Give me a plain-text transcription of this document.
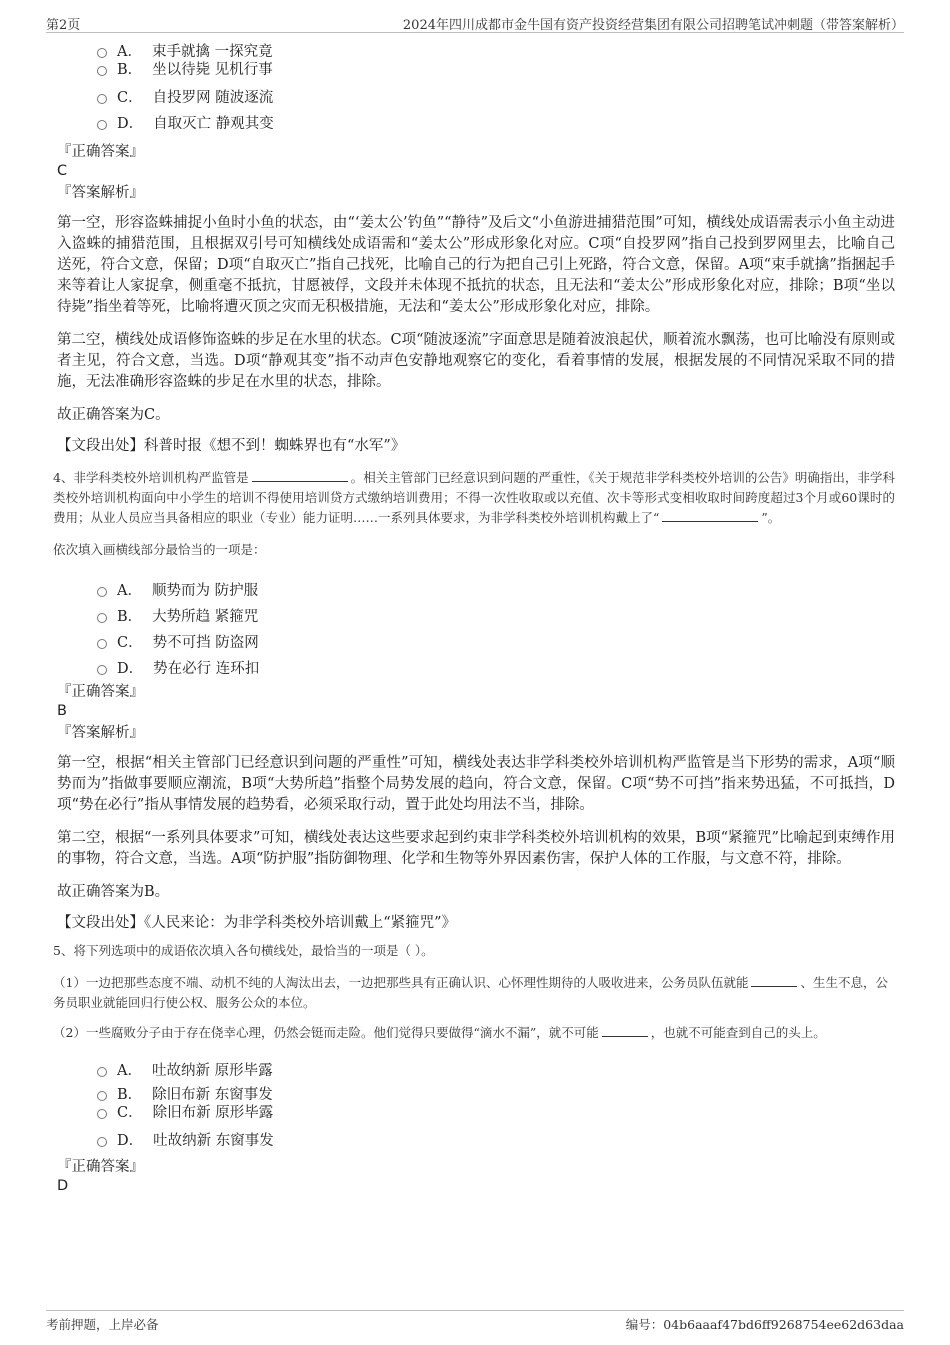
第2页	2024年四川成都市金牛国有资产投资经营集团有限公司招聘笔试冲刺题（带答案解析）
A． 束手就擒 一探究竟
B． 坐以待毙 见机行事
C． 自投罗网 随波逐流
D． 自取灭亡 静观其变

『正确答案』

C

『答案解析』

第一空，形容盗蛛捕捉小鱼时小鱼的状态，由“‘姜太公’钓鱼”“静待”及后文“小鱼游进捕猎范围”可知，横线处成语需表示小鱼主动进入盗蛛的捕猎范围，且根据双引号可知横线处成语需和“姜太公”形成形象化对应。C项“自投罗网”指自己投到罗网里去，比喻自己送死，符合文意，保留；D项“自取灭亡”指自己找死，比喻自己的行为把自己引上死路，符合文意，保留。A项“束手就擒”指捆起手来等着让人家捉拿，侧重毫不抵抗，甘愿被俘，文段并未体现不抵抗的状态，且无法和“姜太公”形成形象化对应，排除；B项“坐以待毙”指坐着等死，比喻将遭灭顶之灾而无积极措施，无法和“姜太公”形成形象化对应，排除。

第二空，横线处成语修饰盗蛛的步足在水里的状态。C项“随波逐流”字面意思是随着波浪起伏，顺着流水飘荡，也可比喻没有原则或者主见，符合文意，当选。D项“静观其变”指不动声色安静地观察它的变化，看着事情的发展，根据发展的不同情况采取不同的措施，无法准确形容盗蛛的步足在水里的状态，排除。

故正确答案为C。

【文段出处】科普时报《想不到！蜘蛛界也有“水军”》

4、非学科类校外培训机构严监管是	。相关主管部门已经意识到问题的严重性，《关于规范非学科类校外培训的公告》明确指出，非学科类校外培训机构面向中小学生的培训不得使用培训贷方式缴纳培训费用；不得一次性收取或以充值、次卡等形式变相收取时间跨度超过3个月或60课时的费用；从业人员应当具备相应的职业（专业）能力证明……一系列具体要求，为非学科类校外培训机构戴上了“	”。

依次填入画横线部分最恰当的一项是：

A． 顺势而为 防护服
B． 大势所趋 紧箍咒
C． 势不可挡 防盗网
D． 势在必行 连环扣

『正确答案』

B

『答案解析』

第一空，根据“相关主管部门已经意识到问题的严重性”可知，横线处表达非学科类校外培训机构严监管是当下形势的需求，A项“顺势而为”指做事要顺应潮流，B项“大势所趋”指整个局势发展的趋向，符合文意，保留。C项“势不可挡”指来势迅猛，不可抵挡，D项“势在必行”指从事情发展的趋势看，必须采取行动，置于此处均用法不当，排除。

第二空，根据“一系列具体要求”可知，横线处表达这些要求起到约束非学科类校外培训机构的效果，B项“紧箍咒”比喻起到束缚作用的事物，符合文意，当选。A项“防护服”指防御物理、化学和生物等外界因素伤害，保护人体的工作服，与文意不符，排除。

故正确答案为B。

【文段出处】《人民来论：为非学科类校外培训戴上“紧箍咒”》

5、将下列选项中的成语依次填入各句横线处，最恰当的一项是（ ）。

（1）一边把那些态度不端、动机不纯的人淘汰出去，一边把那些具有正确认识、心怀理性期待的人吸收进来，公务员队伍就能	、生生不息，公务员职业就能回归行使公权、服务公众的本位。

（2）一些腐败分子由于存在侥幸心理，仍然会铤而走险。他们觉得只要做得“滴水不漏”，就不可能	，也就不可能查到自己的头上。

A． 吐故纳新 原形毕露
B． 除旧布新 东窗事发
C． 除旧布新 原形毕露
D． 吐故纳新 东窗事发

『正确答案』

D

考前押题，上岸必备	编号：04b6aaaf47bd6ff9268754ee62d63daa
